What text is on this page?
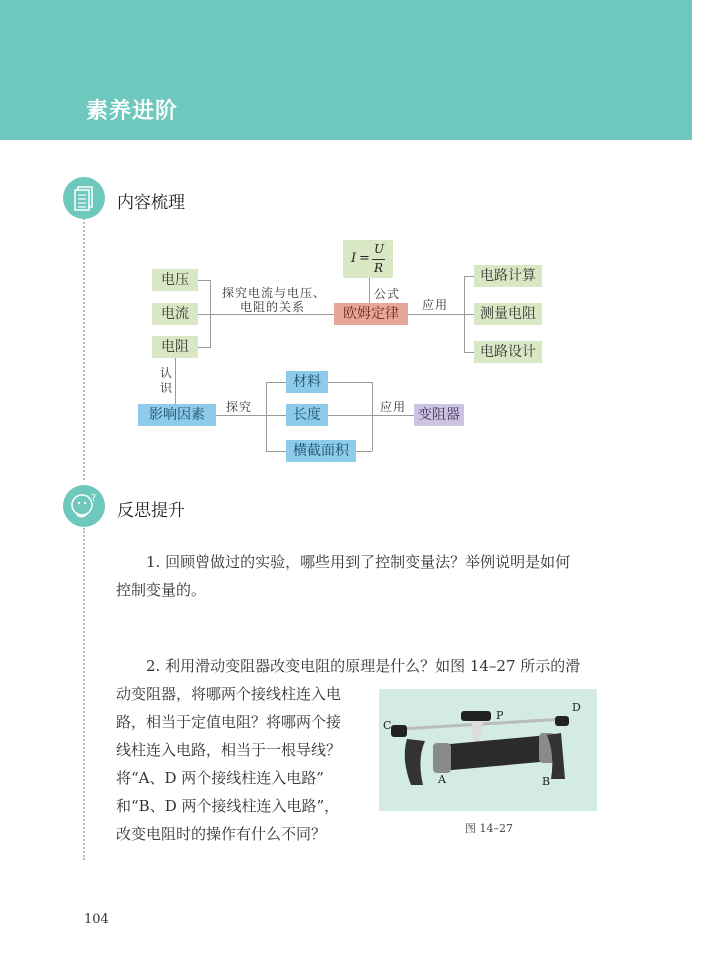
素养进阶
内容梳理
电压
电流
电阻
探究电流与电压、
电阻的关系
I =
U
R
公式
欧姆定律
应用
电路计算
测量电阻
电路设计
认识
影响因素	探究
材料
长度
横截面积
应用 变阻器
?
反思提升
1. 回顾曾做过的实验，哪些用到了控制变量法？举例说明是如何
控制变量的。
2. 利用滑动变阻器改变电阻的原理是什么？如图 14–27 所示的滑
动变阻器，将哪两个接线柱连入电
路，相当于定值电阻？将哪两个接
线柱连入电路，相当于一根导线？
将“A、D 两个接线柱连入电路”
和“B、D 两个接线柱连入电路”，
改变电阻时的操作有什么不同？
A	B
C
D
P
图 14–27
104
